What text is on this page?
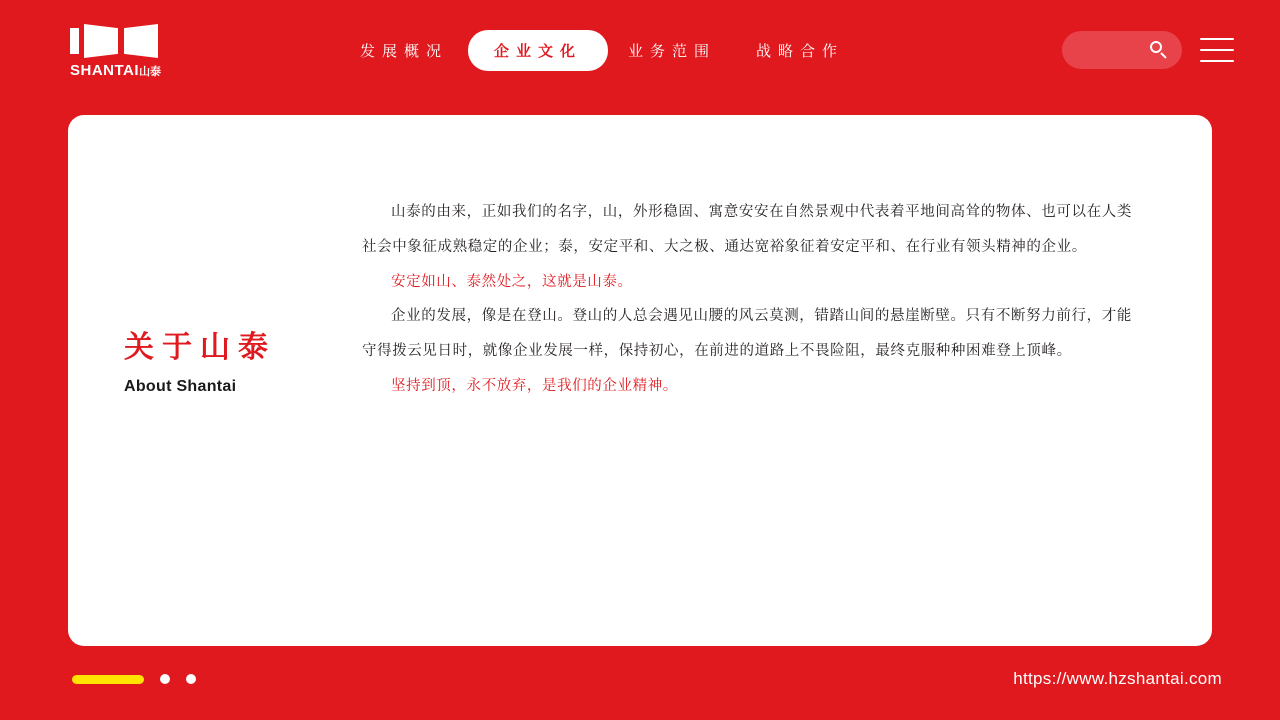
SHANTAI山泰
发展概况	企业文化	业务范围	战略合作
关于山泰
About Shantai

山泰的由来，正如我们的名字，山，外形稳固、寓意安安在自然景观中代表着平地间高耸的物体、也可以在人类社会中象征成熟稳定的企业；泰，安定平和、大之极、通达宽裕象征着安定平和、在行业有领头精神的企业。

安定如山、泰然处之，这就是山泰。

企业的发展，像是在登山。登山的人总会遇见山腰的风云莫测，错踏山间的悬崖断壁。只有不断努力前行，才能守得拨云见日时，就像企业发展一样，保持初心，在前进的道路上不畏险阻，最终克服种种困难登上顶峰。

坚持到顶，永不放弃，是我们的企业精神。

https://www.hzshantai.com
